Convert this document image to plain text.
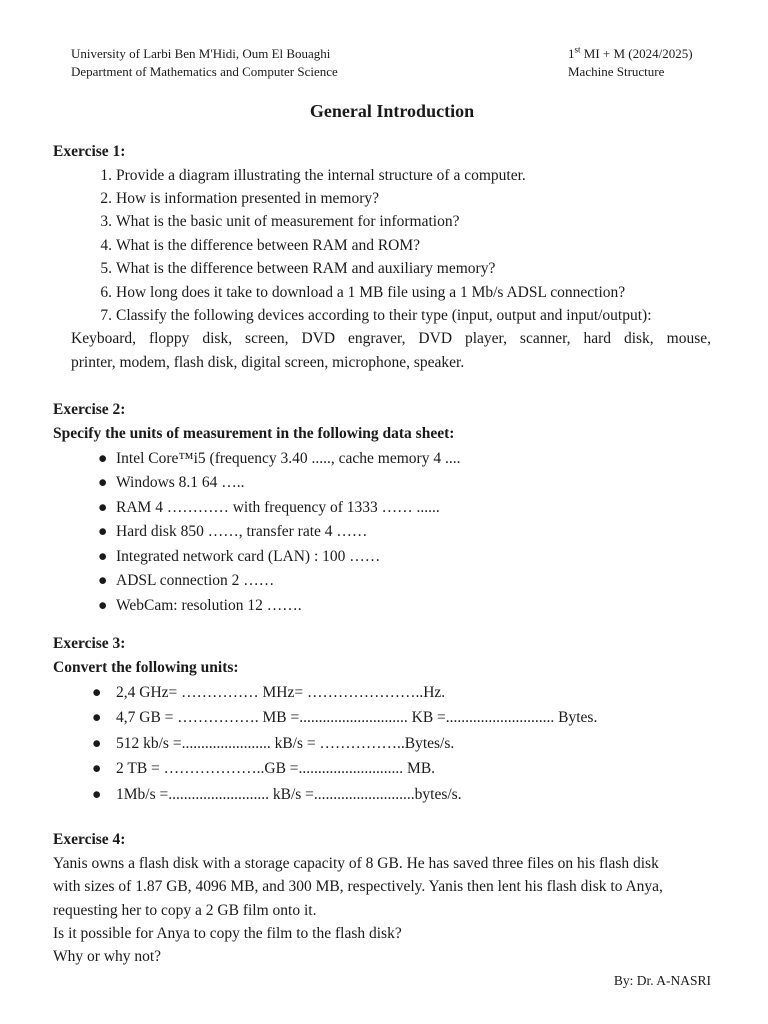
University of Larbi Ben M'Hidi, Oum El Bouaghi
Department of Mathematics and Computer Science
1st MI + M (2024/2025)
Machine Structure
General Introduction
Exercise 1:
1. Provide a diagram illustrating the internal structure of a computer.
2. How is information presented in memory?
3. What is the basic unit of measurement for information?
4. What is the difference between RAM and ROM?
5. What is the difference between RAM and auxiliary memory?
6. How long does it take to download a 1 MB file using a 1 Mb/s ADSL connection?
7. Classify the following devices according to their type (input, output and input/output):
Keyboard, floppy disk, screen, DVD engraver, DVD player, scanner, hard disk, mouse,
printer, modem, flash disk, digital screen, microphone, speaker.
Exercise 2:
Specify the units of measurement in the following data sheet:
● Intel Core™i5 (frequency 3.40 ....., cache memory 4 ....
● Windows 8.1 64 …..
● RAM 4 ………… with frequency of 1333 …… ......
● Hard disk 850 ……, transfer rate 4 ……
● Integrated network card (LAN) : 100 ……
● ADSL connection 2 ……
● WebCam: resolution 12 …….
Exercise 3:
Convert the following units:
● 2,4 GHz= …………… MHz= …………………..Hz.
● 4,7 GB = ……………. MB =............................ KB =............................ Bytes.
● 512 kb/s =....................... kB/s = ……………..Bytes/s.
● 2 TB = ………………..GB =........................... MB.
● 1Mb/s =.......................... kB/s =..........................bytes/s.
Exercise 4:
Yanis owns a flash disk with a storage capacity of 8 GB. He has saved three files on his flash disk
with sizes of 1.87 GB, 4096 MB, and 300 MB, respectively. Yanis then lent his flash disk to Anya,
requesting her to copy a 2 GB film onto it.
Is it possible for Anya to copy the film to the flash disk?
Why or why not?
By: Dr. A-NASRI
